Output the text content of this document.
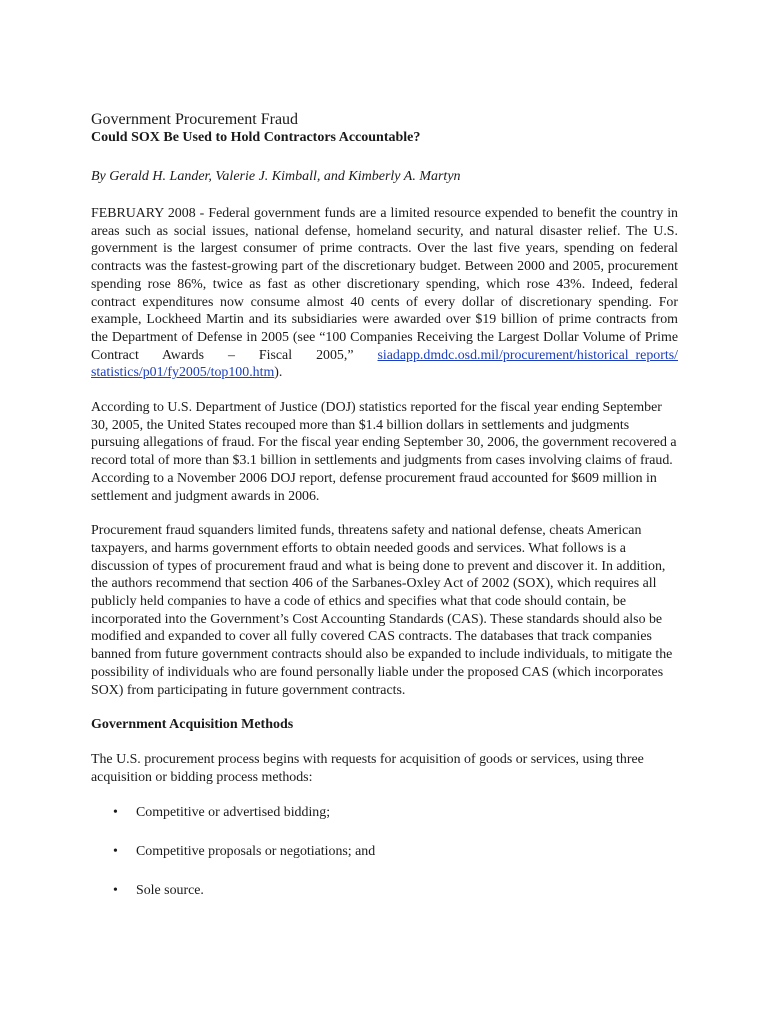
Government Procurement Fraud
Could SOX Be Used to Hold Contractors Accountable?

By Gerald H. Lander, Valerie J. Kimball, and Kimberly A. Martyn

FEBRUARY 2008 - Federal government funds are a limited resource expended to benefit the country in areas such as social issues, national defense, homeland security, and natural disaster relief. The U.S. government is the largest consumer of prime contracts. Over the last five years, spending on federal contracts was the fastest-growing part of the discretionary budget. Between 2000 and 2005, procurement spending rose 86%, twice as fast as other discretionary spending, which rose 43%. Indeed, federal contract expenditures now consume almost 40 cents of every dollar of discretionary spending. For example, Lockheed Martin and its subsidiaries were awarded over $19 billion of prime contracts from the Department of Defense in 2005 (see “100 Companies Receiving the Largest Dollar Volume of Prime Contract Awards – Fiscal 2005,” siadapp.dmdc.osd.mil/procurement/historical_reports/ statistics/p01/fy2005/top100.htm).

According to U.S. Department of Justice (DOJ) statistics reported for the fiscal year ending September 30, 2005, the United States recouped more than $1.4 billion dollars in settlements and judgments pursuing allegations of fraud. For the fiscal year ending September 30, 2006, the government recovered a record total of more than $3.1 billion in settlements and judgments from cases involving claims of fraud. According to a November 2006 DOJ report, defense procurement fraud accounted for $609 million in settlement and judgment awards in 2006.

Procurement fraud squanders limited funds, threatens safety and national defense, cheats American taxpayers, and harms government efforts to obtain needed goods and services. What follows is a discussion of types of procurement fraud and what is being done to prevent and discover it. In addition, the authors recommend that section 406 of the Sarbanes-Oxley Act of 2002 (SOX), which requires all publicly held companies to have a code of ethics and specifies what that code should contain, be incorporated into the Government’s Cost Accounting Standards (CAS). These standards should also be modified and expanded to cover all fully covered CAS contracts. The databases that track companies banned from future government contracts should also be expanded to include individuals, to mitigate the possibility of individuals who are found personally liable under the proposed CAS (which incorporates SOX) from participating in future government contracts.

Government Acquisition Methods

The U.S. procurement process begins with requests for acquisition of goods or services, using three acquisition or bidding process methods:

• Competitive or advertised bidding;
• Competitive proposals or negotiations; and
• Sole source.
